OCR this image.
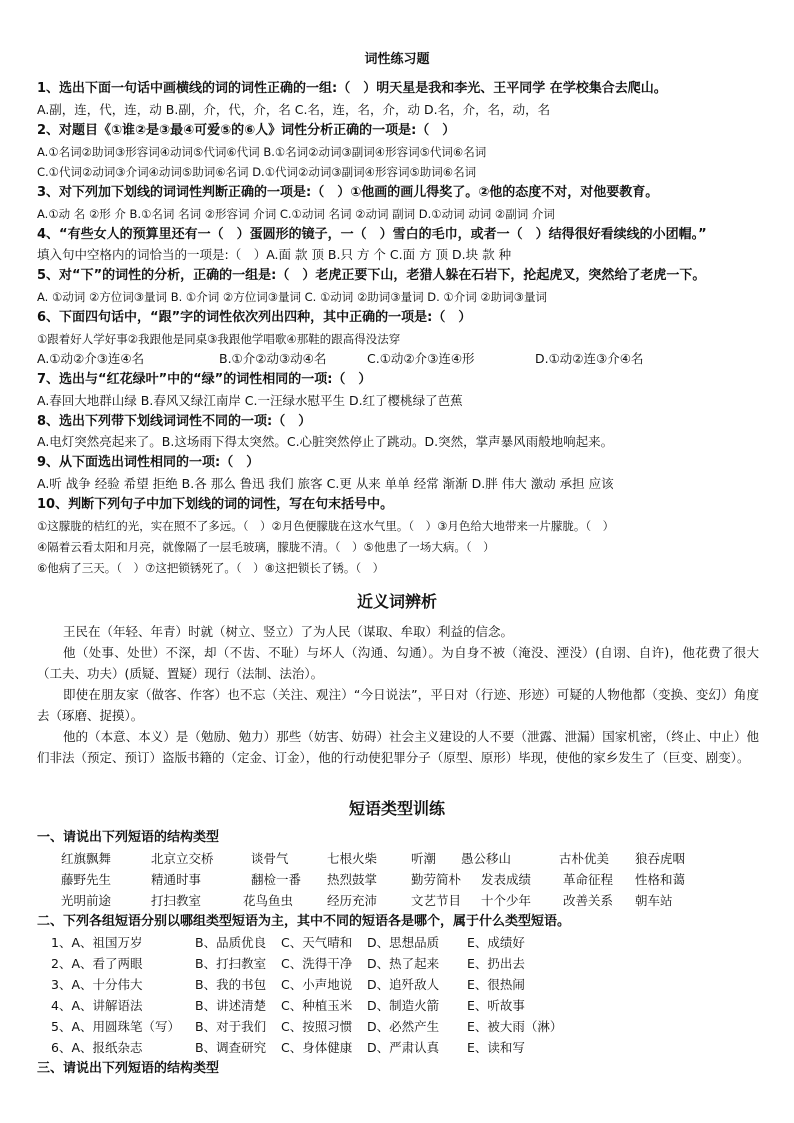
词性练习题
1、选出下面一句话中画横线的词的词性正确的一组:（　）明天星是我和李光、王平同学 在学校集合去爬山。
A.副，连，代，连，动 B.副，介，代，介，名 C.名，连，名，介，动 D.名，介，名，动，名
2、对题目《①谁②是③最④可爱⑤的⑥人》词性分析正确的一项是:（　）
A.①名词②助词③形容词④动词⑤代词⑥代词 B.①名词②动词③副词④形容词⑤代词⑥名词
C.①代词②动词③介词④动词⑤助词⑥名词 D.①代词②动词③副词④形容词⑤助词⑥名词
3、对下列加下划线的词词性判断正确的一项是:（　）①他画的画儿得奖了。②他的态度不对，对他要教育。
A.①动 名 ②形 介 B.①名词 名词 ②形容词 介词 C.①动词 名词 ②动词 副词 D.①动词 动词 ②副词 介词
4、“有些女人的预算里还有一（　）蛋圆形的镜子，一（　）雪白的毛巾，或者一（　）结得很好看续线的小团帽。”
填入句中空格内的词恰当的一项是:（　）A.面 款 顶 B.只 方 个 C.面 方 顶 D.块 款 种
5、对“下”的词性的分析，正确的一组是:（　）老虎正要下山，老猎人躲在石岩下，抡起虎叉，突然给了老虎一下。
A. ①动词 ②方位词③量词 B. ①介词 ②方位词③量词 C. ①动词 ②助词③量词 D. ①介词 ②助词③量词
6、下面四句话中，“跟”字的词性依次列出四种，其中正确的一项是:（　）
①跟着好人学好事②我跟他是同桌③我跟他学唱歌④那鞋的跟高得没法穿
A.①动②介③连④名	B.①介②动③动④名	C.①动②介③连④形	D.①动②连③介④名
7、选出与“红花绿叶”中的“绿”的词性相同的一项:（　）
A.春回大地群山绿 B.春风又绿江南岸 C.一汪绿水慰平生 D.红了樱桃绿了芭蕉
8、选出下列带下划线词词性不同的一项:（　）
A.电灯突然亮起来了。B.这场雨下得太突然。C.心脏突然停止了跳动。D.突然，掌声暴风雨般地响起来。
9、从下面选出词性相同的一项:（　）
A.听 战争 经验 希望 拒绝 B.各 那么 鲁迅 我们 旅客 C.更 从来 单单 经常 渐渐 D.胖 伟大 激动 承担 应该
10、判断下列句子中加下划线的词的词性，写在句末括号中。
①这朦胧的桔红的光，实在照不了多远。（　）②月色便朦胧在这水气里。（　）③月色给大地带来一片朦胧。（　）
④隔着云看太阳和月亮，就像隔了一层毛玻璃，朦胧不清。（　）⑤他患了一场大病。（　）
⑥他病了三天。（　）⑦这把锁锈死了。（　）⑧这把锁长了锈。（　）
近义词辨析
王民在（年轻、年青）时就（树立、竖立）了为人民（谋取、牟取）利益的信念。
他（处事、处世）不深，却（不齿、不耻）与坏人（沟通、勾通）。为自身不被（淹没、湮没）(自诩、自许)，他花费了很大（工夫、功夫）(质疑、置疑）现行（法制、法治）。
即使在朋友家（做客、作客）也不忘（关注、观注）“今日说法”，平日对（行迹、形迹）可疑的人物他都（变换、变幻）角度去（琢磨、捉摸）。
他的（本意、本义）是（勉励、勉力）那些（妨害、妨碍）社会主义建设的人不要（泄露、泄漏）国家机密，（终止、中止）他们非法（预定、预订）盗版书籍的（定金、订金），他的行动使犯罪分子（原型、原形）毕现，使他的家乡发生了（巨变、剧变）。
短语类型训练
一、请说出下列短语的结构类型
红旗飘舞	北京立交桥	谈骨气	七根火柴	听潮 愚公移山	古朴优美 狼吞虎咽
藤野先生	精通时事	翻检一番 热烈鼓掌	勤劳简朴 发表成绩	革命征程 性格和蔼
光明前途	打扫教室	花鸟鱼虫	经历充沛	文艺节目 十个少年	改善关系 朝车站
二、下列各组短语分别以哪组类型短语为主，其中不同的短语各是哪个，属于什么类型短语。
1、A、祖国万岁	B、品质优良 C、天气晴和 D、思想品质 E、成绩好
2、A、看了两眼	B、打扫教室 C、洗得干净 D、热了起来 E、扔出去
3、A、十分伟大	B、我的书包 C、小声地说 D、追歼敌人 E、很热闹
4、A、讲解语法	B、讲述清楚 C、种植玉米 D、制造火箭 E、听故事
5、A、用圆珠笔（写） B、对于我们 C、按照习惯 D、必然产生 E、被大雨（淋）
6、A、报纸杂志	B、调查研究 C、身体健康 D、严肃认真 E、读和写
三、请说出下列短语的结构类型
